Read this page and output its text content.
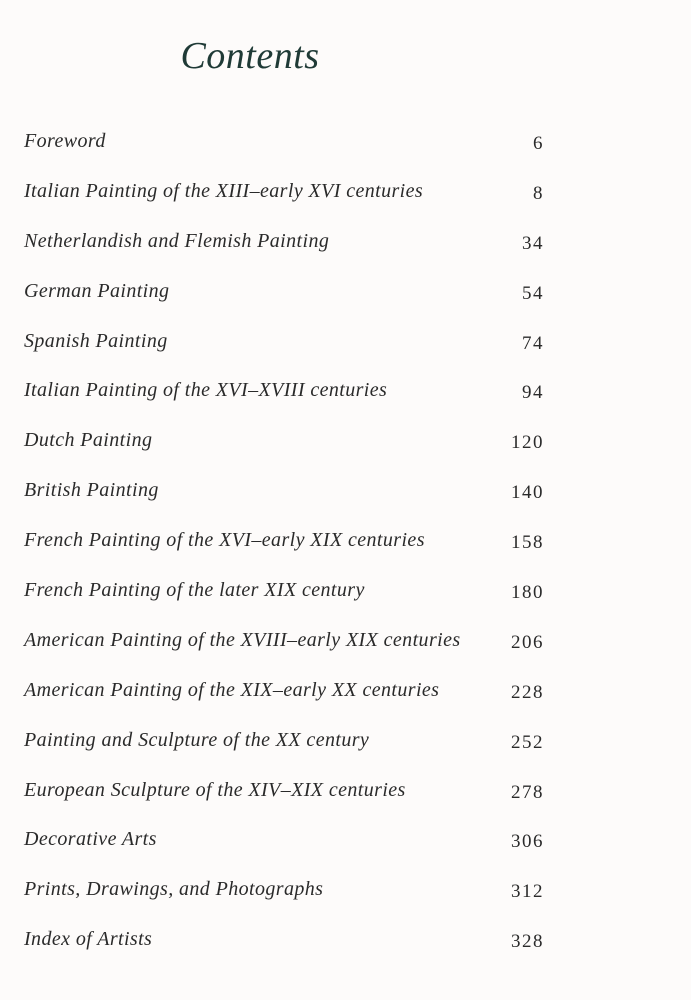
Contents
Foreword	6
Italian Painting of the XIII–early XVI centuries	8
Netherlandish and Flemish Painting	34
German Painting	54
Spanish Painting	74
Italian Painting of the XVI–XVIII centuries	94
Dutch Painting	120
British Painting	140
French Painting of the XVI–early XIX centuries	158
French Painting of the later XIX century	180
American Painting of the XVIII–early XIX centuries	206
American Painting of the XIX–early XX centuries	228
Painting and Sculpture of the XX century	252
European Sculpture of the XIV–XIX centuries	278
Decorative Arts	306
Prints, Drawings, and Photographs	312
Index of Artists	328
